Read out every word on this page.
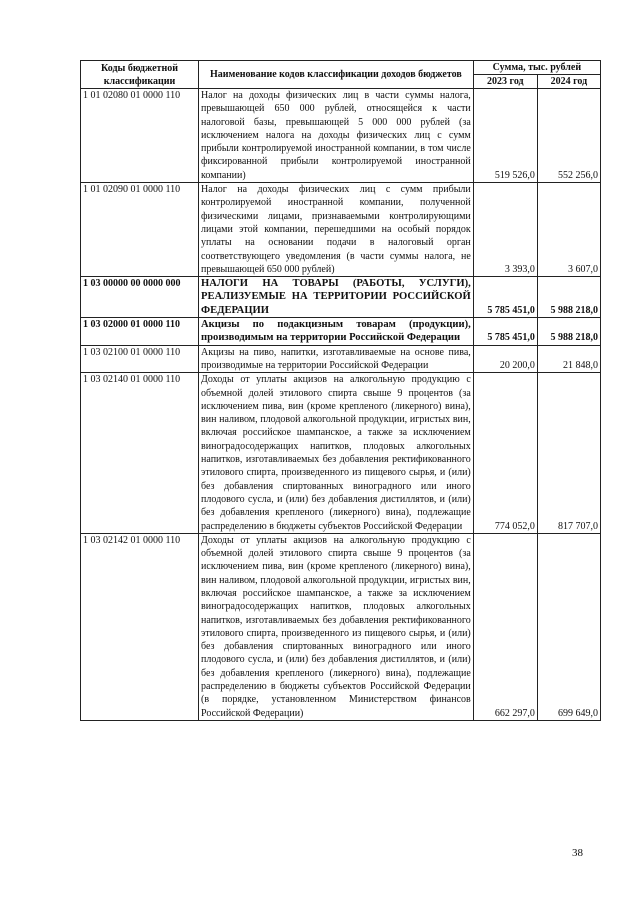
Коды бюджетной классификации	Наименование кодов классификации доходов бюджетов	Сумма, тыс. рублей	
		2023 год	2024 год
1 01 02080 01 0000 110	Налог на доходы физических лиц в части суммы налога, превышающей 650 000 рублей, относящейся к части налоговой базы, превышающей 5 000 000 рублей (за исключением налога на доходы физических лиц с сумм прибыли контролируемой иностранной компании, в том числе фиксированной прибыли контролируемой иностранной компании)	519 526,0	552 256,0
1 01 02090 01 0000 110	Налог на доходы физических лиц с сумм прибыли контролируемой иностранной компании, полученной физическими лицами, признаваемыми контролирующими лицами этой компании, перешедшими на особый порядок уплаты на основании подачи в налоговый орган соответствующего уведомления (в части суммы налога, не превышающей 650 000 рублей)	3 393,0	3 607,0
1 03 00000 00 0000 000	НАЛОГИ НА ТОВАРЫ (РАБОТЫ, УСЛУГИ), РЕАЛИЗУЕМЫЕ НА ТЕРРИТОРИИ РОССИЙСКОЙ ФЕДЕРАЦИИ	5 785 451,0	5 988 218,0
1 03 02000 01 0000 110	Акцизы по подакцизным товарам (продукции), производимым на территории Российской Федерации	5 785 451,0	5 988 218,0
1 03 02100 01 0000 110	Акцизы на пиво, напитки, изготавливаемые на основе пива, производимые на территории Российской Федерации	20 200,0	21 848,0
1 03 02140 01 0000 110	Доходы от уплаты акцизов на алкогольную продукцию с объемной долей этилового спирта свыше 9 процентов (за исключением пива, вин (кроме крепленого (ликерного) вина), вин наливом, плодовой алкогольной продукции, игристых вин, включая российское шампанское, а также за исключением виноградосодержащих напитков, плодовых алкогольных напитков, изготавливаемых без добавления ректификованного этилового спирта, произведенного из пищевого сырья, и (или) без добавления спиртованных виноградного или иного плодового сусла, и (или) без добавления дистиллятов, и (или) без добавления крепленого (ликерного) вина), подлежащие распределению в бюджеты субъектов Российской Федерации	774 052,0	817 707,0
1 03 02142 01 0000 110	Доходы от уплаты акцизов на алкогольную продукцию с объемной долей этилового спирта свыше 9 процентов (за исключением пива, вин (кроме крепленого (ликерного) вина), вин наливом, плодовой алкогольной продукции, игристых вин, включая российское шампанское, а также за исключением виноградосодержащих напитков, плодовых алкогольных напитков, изготавливаемых без добавления ректификованного этилового спирта, произведенного из пищевого сырья, и (или) без добавления спиртованных виноградного или иного плодового сусла, и (или) без добавления дистиллятов, и (или) без добавления крепленого (ликерного) вина), подлежащие распределению в бюджеты субъектов Российской Федерации (в порядке, установленном Министерством финансов Российской Федерации)	662 297,0	699 649,0
38
